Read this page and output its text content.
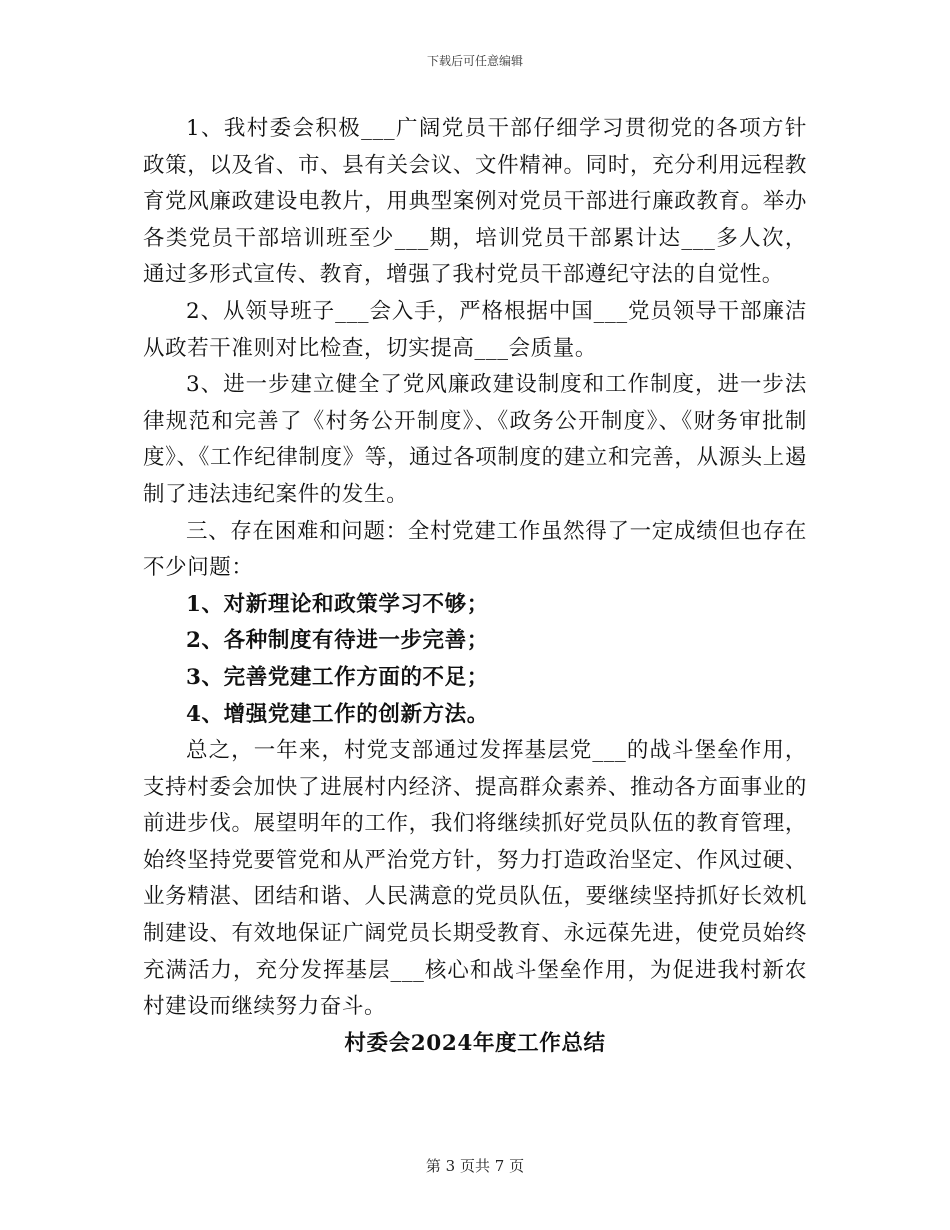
下载后可任意编辑

1、我村委会积极___广阔党员干部仔细学习贯彻党的各项方针政策，以及省、市、县有关会议、文件精神。同时，充分利用远程教育党风廉政建设电教片，用典型案例对党员干部进行廉政教育。举办各类党员干部培训班至少___期，培训党员干部累计达___多人次，通过多形式宣传、教育，增强了我村党员干部遵纪守法的自觉性。

2、从领导班子___会入手，严格根据中国___党员领导干部廉洁从政若干准则对比检查，切实提高___会质量。

3、进一步建立健全了党风廉政建设制度和工作制度，进一步法律规范和完善了《村务公开制度》、《政务公开制度》、《财务审批制度》、《工作纪律制度》等，通过各项制度的建立和完善，从源头上遏制了违法违纪案件的发生。

三、存在困难和问题：全村党建工作虽然得了一定成绩但也存在不少问题：

1、对新理论和政策学习不够；

2、各种制度有待进一步完善；

3、完善党建工作方面的不足；

4、增强党建工作的创新方法。

总之，一年来，村党支部通过发挥基层党___的战斗堡垒作用，支持村委会加快了进展村内经济、提高群众素养、推动各方面事业的前进步伐。展望明年的工作，我们将继续抓好党员队伍的教育管理，始终坚持党要管党和从严治党方针，努力打造政治坚定、作风过硬、业务精湛、团结和谐、人民满意的党员队伍，要继续坚持抓好长效机制建设、有效地保证广阔党员长期受教育、永远葆先进，使党员始终充满活力，充分发挥基层___核心和战斗堡垒作用，为促进我村新农村建设而继续努力奋斗。

村委会2024年度工作总结

第 3 页共 7 页
